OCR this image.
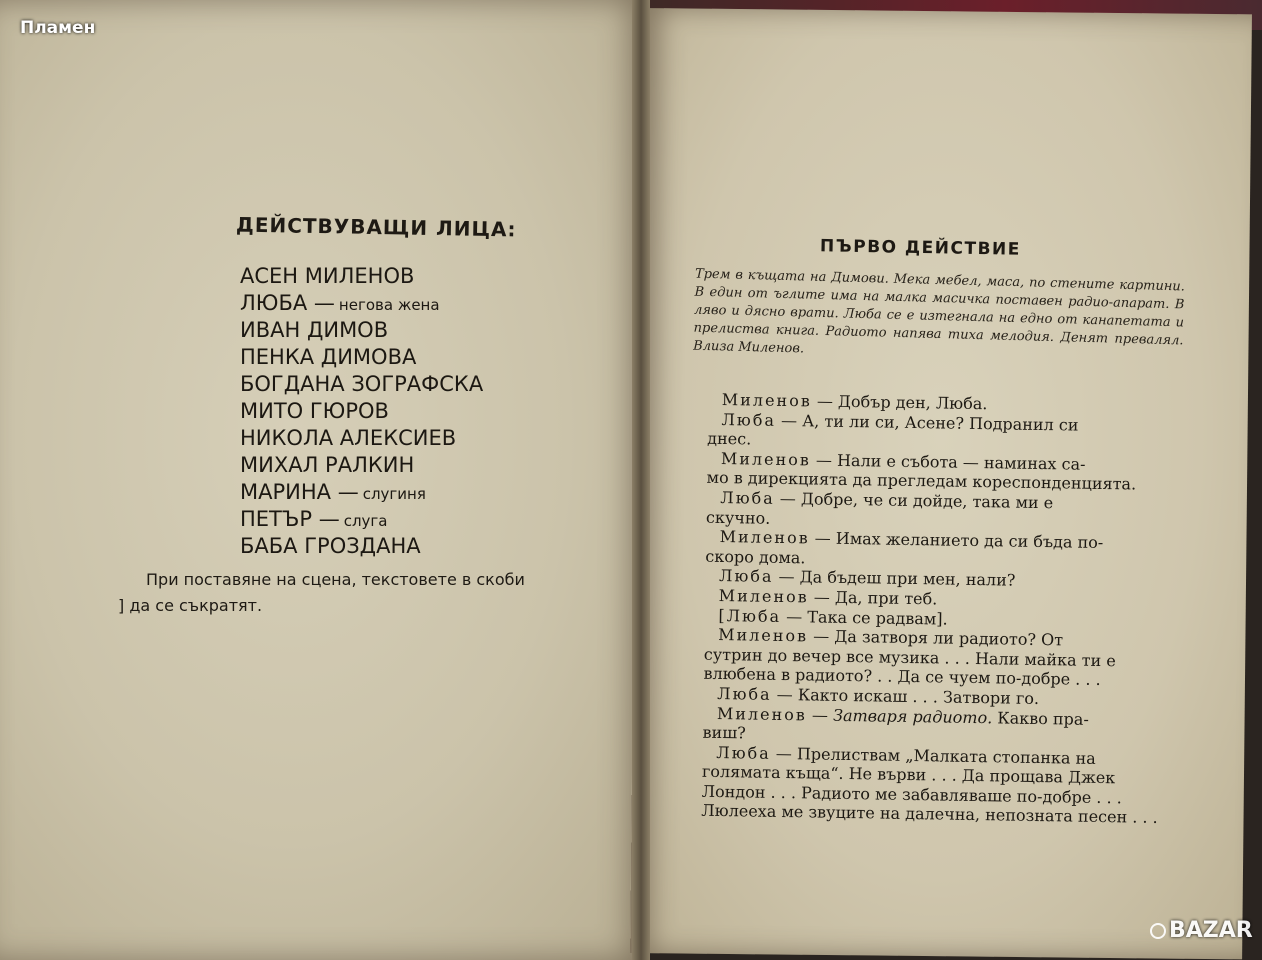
Пламен
BAZAR
ДЕЙСТВУВАЩИ ЛИЦА:
АСЕН МИЛЕНОВ
ЛЮБА — негова жена
ИВАН ДИМОВ
ПЕНКА ДИМОВА
БОГДАНА ЗОГРАФСКА
МИТО ГЮРОВ
НИКОЛА АЛЕКСИЕВ
МИХАЛ РАЛКИН
МАРИНА — слугиня
ПЕТЪР — слуга
БАБА ГРОЗДАНА
При поставяне на сцена, текстовете в скоби
] да се съкратят.
ПЪРВО ДЕЙСТВИЕ
Трем в къщата на Димови. Мека мебел, маса, по стените картини. В един от ъглите има на малка масичка поставен радио-апарат. В ляво и дясно врати. Люба се е изтегнала на едно от канапетата и прелиства книга. Радиото напява тиха мелодия. Денят превалял. Влиза Миленов.
Миленов — Добър ден, Люба.
Люба — А, ти ли си, Асене? Подранил си
днес.
Миленов — Нали е събота — наминах са-
мо в дирекцията да прегледам кореспонденцията.
Люба — Добре, че си дойде, така ми е
скучно.
Миленов — Имах желанието да си бъда по-
скоро дома.
Люба — Да бъдеш при мен, нали?
Миленов — Да, при теб.
[Люба — Така се радвам].
Миленов — Да затворя ли радиото? От
сутрин до вечер все музика . . . Нали майка ти е
влюбена в радиото? . . Да се чуем по-добре . . .
Люба — Както искаш . . . Затвори го.
Миленов — Затваря радиото. Какво пра-
виш?
Люба — Прелиствам „Малката стопанка на
голямата къща“. Не върви . . . Да прощава Джек
Лондон . . . Радиото ме забавляваше по-добре . . .
Люлееха ме звуците на далечна, непозната песен . . .
